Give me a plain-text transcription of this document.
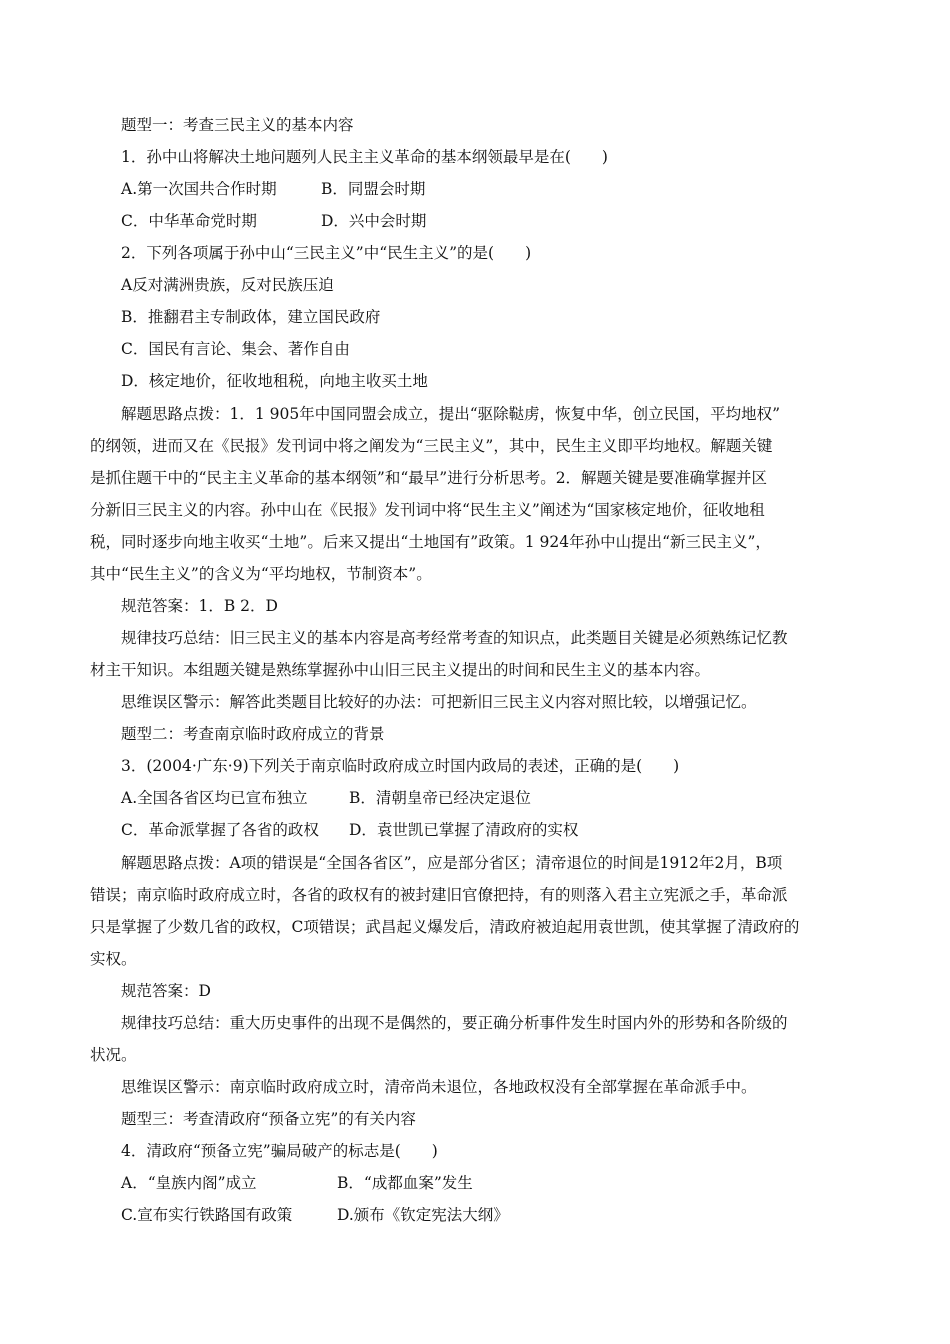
题型一：考查三民主义的基本内容
1．孙中山将解决土地问题列人民主主义革命的基本纲领最早是在(　　)
A.第一次国共合作时期	B．同盟会时期
C．中华革命党时期	D．兴中会时期
2．下列各项属于孙中山“三民主义”中“民生主义”的是(　　)
A反对满洲贵族，反对民族压迫
B．推翻君主专制政体，建立国民政府
C．国民有言论、集会、著作自由
D．核定地价，征收地租税，向地主收买土地
解题思路点拨：1．1 905年中国同盟会成立，提出“驱除鞑虏，恢复中华，创立民国，平均地权”
的纲领，进而又在《民报》发刊词中将之阐发为“三民主义”，其中，民生主义即平均地权。解题关键
是抓住题干中的“民主主义革命的基本纲领”和“最早”进行分析思考。2．解题关键是要准确掌握并区
分新旧三民主义的内容。孙中山在《民报》发刊词中将“民生主义”阐述为“国家核定地价，征收地租
税，同时逐步向地主收买“土地”。后来又提出“土地国有”政策。1 924年孙中山提出“新三民主义”，
其中“民生主义”的含义为“平均地权，节制资本”。
规范答案：1．B 2．D
规律技巧总结：旧三民主义的基本内容是高考经常考查的知识点，此类题目关键是必须熟练记忆教
材主干知识。本组题关键是熟练掌握孙中山旧三民主义提出的时间和民生主义的基本内容。
思维误区警示：解答此类题目比较好的办法：可把新旧三民主义内容对照比较，以增强记忆。
题型二：考查南京临时政府成立的背景
3．(2004·广东·9)下列关于南京临时政府成立时国内政局的表述，正确的是(　　)
A.全国各省区均已宣布独立	B．清朝皇帝已经决定退位
C．革命派掌握了各省的政权 D．袁世凯已掌握了清政府的实权
解题思路点拨：A项的错误是“全国各省区”，应是部分省区；清帝退位的时间是1912年2月，B项
错误；南京临时政府成立时，各省的政权有的被封建旧官僚把持，有的则落入君主立宪派之手，革命派
只是掌握了少数几省的政权，C项错误；武昌起义爆发后，清政府被迫起用袁世凯，使其掌握了清政府的
实权。
规范答案：D
规律技巧总结：重大历史事件的出现不是偶然的，要正确分析事件发生时国内外的形势和各阶级的
状况。
思维误区警示：南京临时政府成立时，清帝尚未退位，各地政权没有全部掌握在革命派手中。
题型三：考查清政府“预备立宪”的有关内容
4．清政府“预备立宪”骗局破产的标志是(　　)
A．“皇族内阁”成立	B．“成都血案”发生
C.宣布实行铁路国有政策	D.颁布《钦定宪法大纲》
